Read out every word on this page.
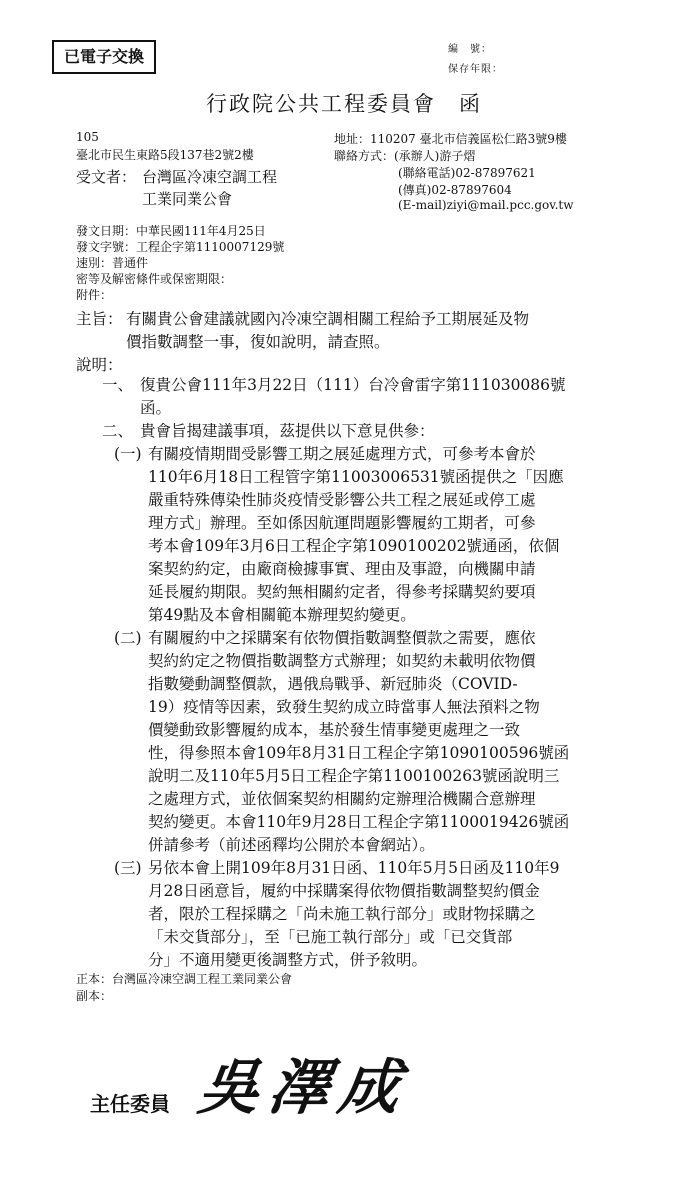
已電子交換	編　號：
保存年限：
行政院公共工程委員會　函
105
臺北市民生東路5段137巷2號2樓
受文者： 台灣區冷凍空調工程
工業同業公會
地址：110207 臺北市信義區松仁路3號9樓
聯絡方式：(承辦人)游子熠
(聯絡電話)02-87897621
(傳真)02-87897604
(E-mail)ziyi@mail.pcc.gov.tw
發文日期：中華民國111年4月25日
發文字號：工程企字第1110007129號
速別：普通件
密等及解密條件或保密期限：
附件：
主旨： 有關貴公會建議就國內冷凍空調相關工程給予工期展延及物
價指數調整一事，復如說明，請查照。
說明：
一、 復貴公會111年3月22日（111）台冷會雷字第111030086號
函。
二、 貴會旨揭建議事項，茲提供以下意見供參：
(一) 有關疫情期間受影響工期之展延處理方式，可參考本會於
110年6月18日工程管字第11003006531號函提供之「因應
嚴重特殊傳染性肺炎疫情受影響公共工程之展延或停工處
理方式」辦理。至如係因航運問題影響履約工期者，可參
考本會109年3月6日工程企字第1090100202號通函，依個
案契約約定，由廠商檢據事實、理由及事證，向機關申請
延長履約期限。契約無相關約定者，得參考採購契約要項
第49點及本會相關範本辦理契約變更。
(二) 有關履約中之採購案有依物價指數調整價款之需要，應依
契約約定之物價指數調整方式辦理；如契約未載明依物價
指數變動調整價款，遇俄烏戰爭、新冠肺炎（COVID-
19）疫情等因素，致發生契約成立時當事人無法預料之物
價變動致影響履約成本，基於發生情事變更處理之一致
性，得參照本會109年8月31日工程企字第1090100596號函
說明二及110年5月5日工程企字第1100100263號函說明三
之處理方式，並依個案契約相關約定辦理洽機關合意辦理
契約變更。本會110年9月28日工程企字第1100019426號函
併請參考（前述函釋均公開於本會網站）。
(三) 另依本會上開109年8月31日函、110年5月5日函及110年9
月28日函意旨，履約中採購案得依物價指數調整契約價金
者，限於工程採購之「尚未施工執行部分」或財物採購之
「未交貨部分」，至「已施工執行部分」或「已交貨部
分」不適用變更後調整方式，併予敘明。
正本：台灣區冷凍空調工程工業同業公會
副本：
主任委員 吳澤成
